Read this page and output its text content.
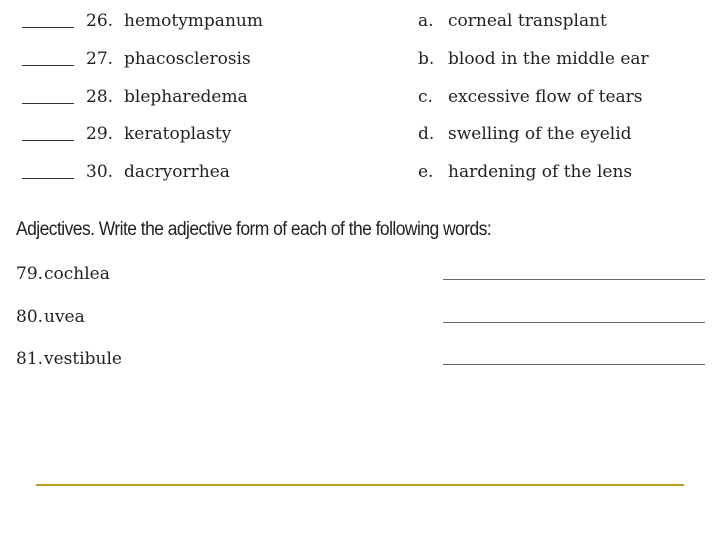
26. hemotympanum	a. corneal transplant
27. phacosclerosis	b. blood in the middle ear
28. blepharedema	c. excessive flow of tears
29. keratoplasty	d. swelling of the eyelid
30. dacryorrhea	e. hardening of the lens
Adjectives. Write the adjective form of each of the following words:
79. cochlea
80. uvea
81. vestibule
